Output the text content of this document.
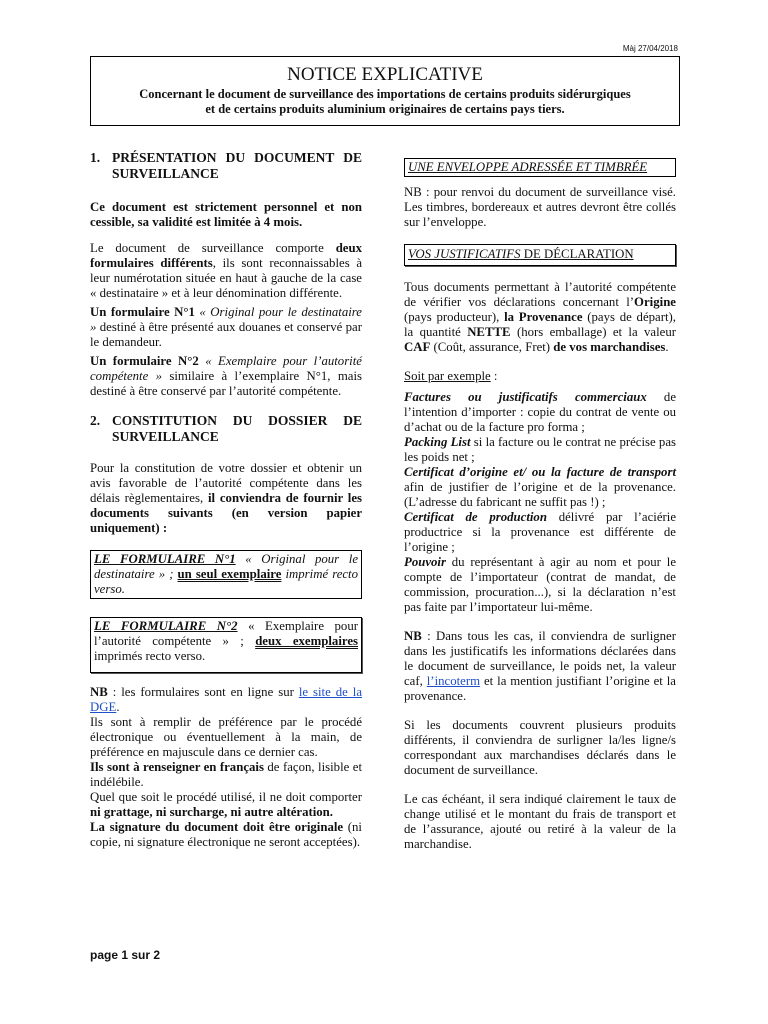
Màj 27/04/2018
NOTICE EXPLICATIVE
Concernant le document de surveillance des importations de certains produits sidérurgiques
et de certains produits aluminium originaires de certains pays tiers.
1. PRÉSENTATION DU DOCUMENT DE SURVEILLANCE

Ce document est strictement personnel et non cessible, sa validité est limitée à 4 mois.

Le document de surveillance comporte deux formulaires différents, ils sont reconnaissables à leur numérotation située en haut à gauche de la case « destinataire » et à leur dénomination différente.

Un formulaire N°1 « Original pour le destinataire » destiné à être présenté aux douanes et conservé par le demandeur.

Un formulaire N°2 « Exemplaire pour l’autorité compétente » similaire à l’exemplaire N°1, mais destiné à être conservé par l’autorité compétente.

2. CONSTITUTION DU DOSSIER DE SURVEILLANCE

Pour la constitution de votre dossier et obtenir un avis favorable de l’autorité compétente dans les délais règlementaires, il conviendra de fournir les documents suivants (en version papier uniquement) :

LE FORMULAIRE N°1 « Original pour le destinataire » ; un seul exemplaire imprimé recto verso.
LE FORMULAIRE N°2 « Exemplaire pour l’autorité compétente » ; deux exemplaires imprimés recto verso.

NB : les formulaires sont en ligne sur le site de la DGE.

Ils sont à remplir de préférence par le procédé électronique ou éventuellement à la main, de préférence en majuscule dans ce dernier cas.

Ils sont à renseigner en français de façon, lisible et indélébile.

Quel que soit le procédé utilisé, il ne doit comporter ni grattage, ni surcharge, ni autre altération.

La signature du document doit être originale (ni copie, ni signature électronique ne seront acceptées).

UNE ENVELOPPE ADRESSÉE ET TIMBRÉE

NB : pour renvoi du document de surveillance visé. Les timbres, bordereaux et autres devront être collés sur l’enveloppe.

VOS JUSTIFICATIFS DE DÉCLARATION

Tous documents permettant à l’autorité compétente de vérifier vos déclarations concernant l’Origine (pays producteur), la Provenance (pays de départ), la quantité NETTE (hors emballage) et la valeur CAF (Coût, assurance, Fret) de vos marchandises.

Soit par exemple :

Factures ou justificatifs commerciaux de l’intention d’importer : copie du contrat de vente ou d’achat ou de la facture pro forma ;

Packing List si la facture ou le contrat ne précise pas les poids net ;

Certificat d’origine et/ ou la facture de transport afin de justifier de l’origine et de la provenance. (L’adresse du fabricant ne suffit pas !) ;

Certificat de production délivré par l’aciérie productrice si la provenance est différente de l’origine ;

Pouvoir du représentant à agir au nom et pour le compte de l’importateur (contrat de mandat, de commission, procuration...), si la déclaration n’est pas faite par l’importateur lui-même.

NB : Dans tous les cas, il conviendra de surligner dans les justificatifs les informations déclarées dans le document de surveillance, le poids net, la valeur caf, l’incoterm et la mention justifiant l’origine et la provenance.

Si les documents couvrent plusieurs produits différents, il conviendra de surligner la/les ligne/s correspondant aux marchandises déclarés dans le document de surveillance.

Le cas échéant, il sera indiqué clairement le taux de change utilisé et le montant du frais de transport et de l’assurance, ajouté ou retiré à la valeur de la marchandise.

page 1 sur 2
